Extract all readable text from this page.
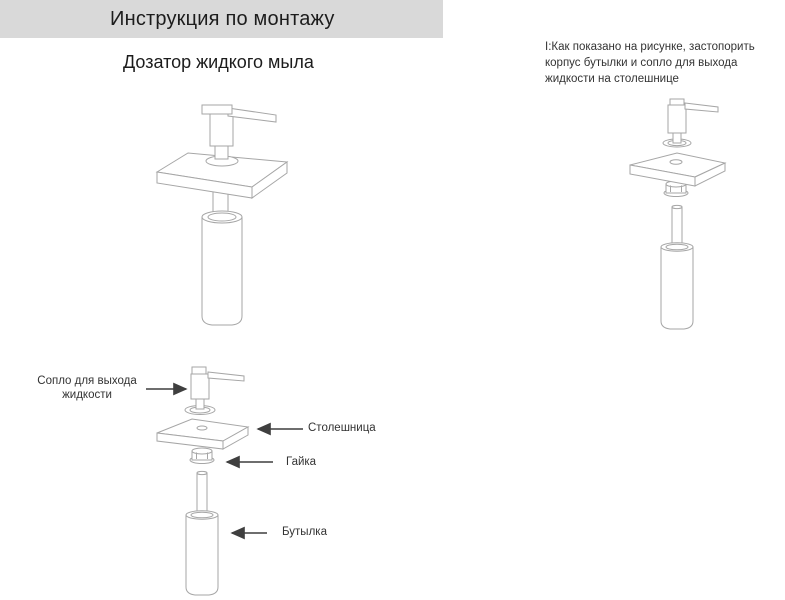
Инструкция по монтажу
Дозатор жидкого мыла
I:Как показано на рисунке, застопорить корпус бутылки и сопло для выхода жидкости на столешнице
Сопло для выхода жидкости
Столешница
Гайка
Бутылка
